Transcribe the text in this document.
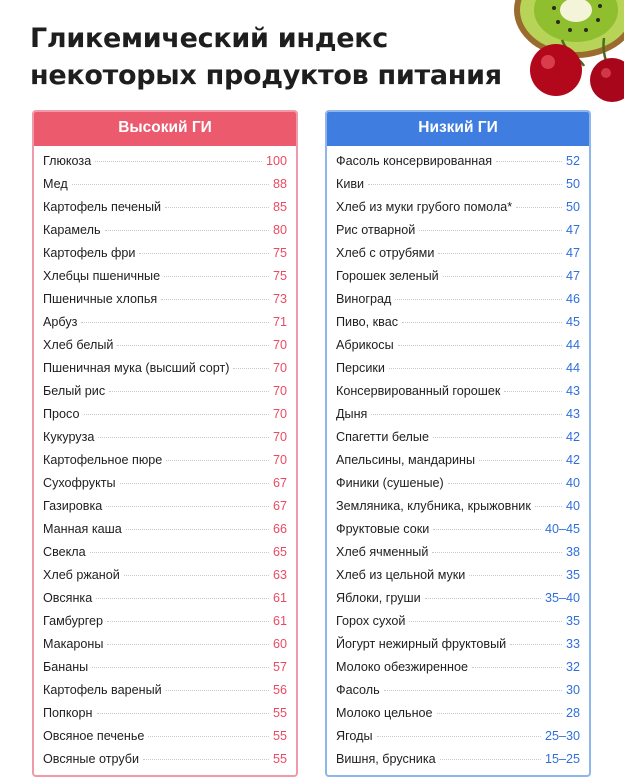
Гликемический индекс
некоторых продуктов питания
Высокий ГИ
Глюкоза	100
Мед	88
Картофель печеный	85
Карамель	80
Картофель фри	75
Хлебцы пшеничные	75
Пшеничные хлопья	73
Арбуз	71
Хлеб белый	70
Пшеничная мука (высший сорт)	70
Белый рис	70
Просо	70
Кукуруза	70
Картофельное пюре	70
Сухофрукты	67
Газировка	67
Манная каша	66
Свекла	65
Хлеб ржаной	63
Овсянка	61
Гамбургер	61
Макароны	60
Бананы	57
Картофель вареный	56
Попкорн	55
Овсяное печенье	55
Овсяные отруби	55
Низкий ГИ
Фасоль консервированная	52
Киви	50
Хлеб из муки грубого помола*	50
Рис отварной	47
Хлеб с отрубями	47
Горошек зеленый	47
Виноград	46
Пиво, квас	45
Абрикосы	44
Персики	44
Консервированный горошек	43
Дыня	43
Спагетти белые	42
Апельсины, мандарины	42
Финики (сушеные)	40
Земляника, клубника, крыжовник	40
Фруктовые соки	40–45
Хлеб ячменный	38
Хлеб из цельной муки	35
Яблоки, груши	35–40
Горох сухой	35
Йогурт нежирный фруктовый	33
Молоко обезжиренное	32
Фасоль	30
Молоко цельное	28
Ягоды	25–30
Вишня, брусника	15–25
